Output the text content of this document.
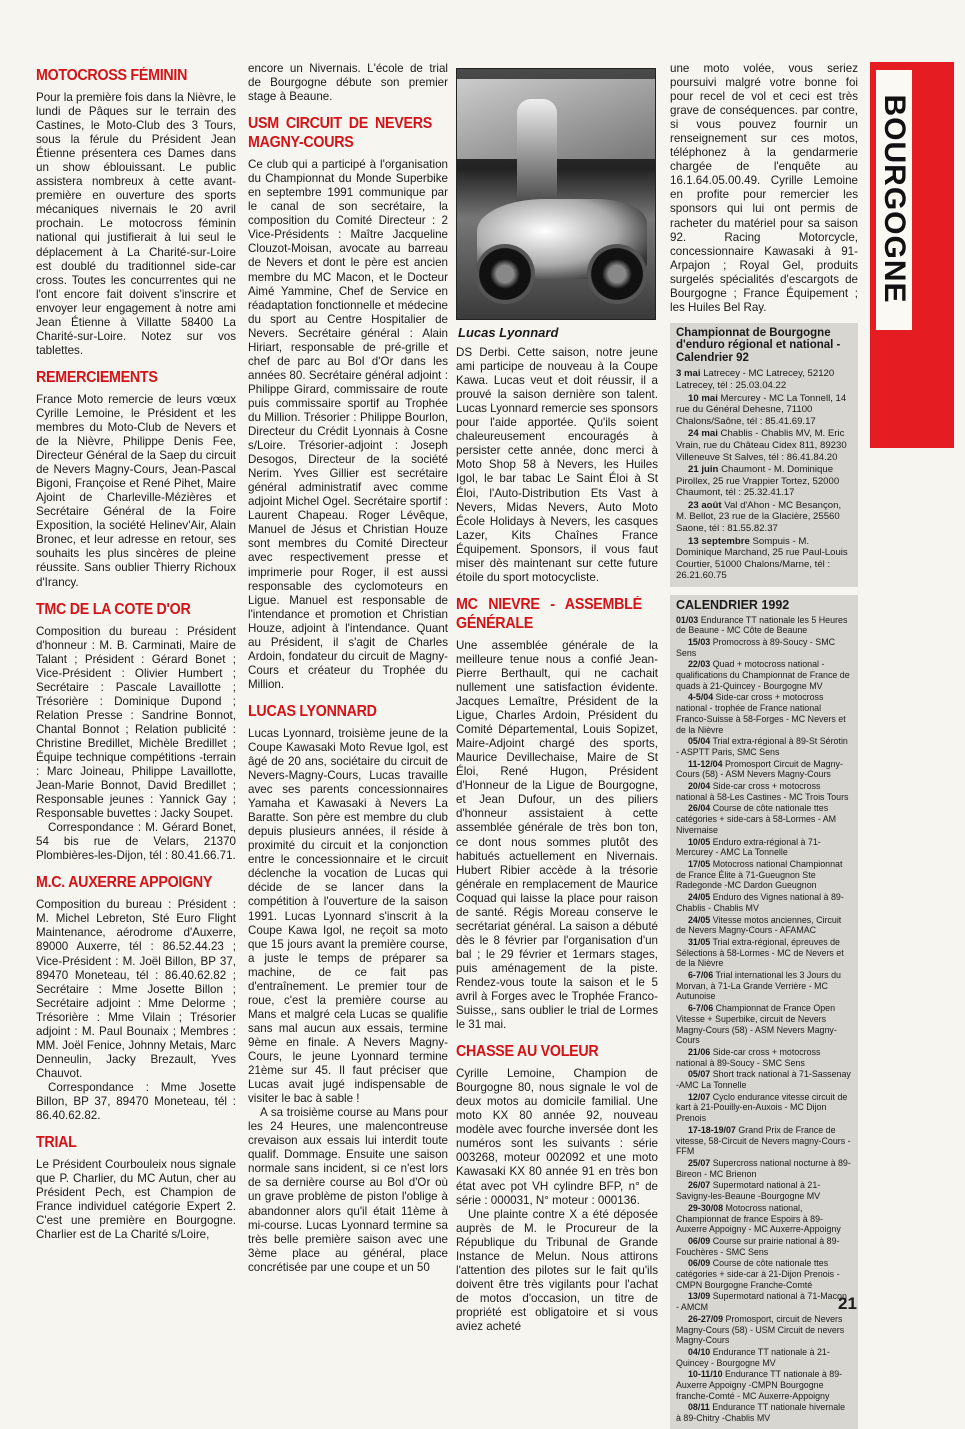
BOURGOGNE
MOTOCROSS FÉMININ

Pour la première fois dans la Nièvre, le lundi de Pâques sur le terrain des Castines, le Moto-Club des 3 Tours, sous la férule du Président Jean Étienne présentera ces Dames dans un show éblouissant. Le public assistera nombreux à cette avant-première en ouverture des sports mécaniques nivernais le 20 avril prochain. Le motocross féminin national qui justifierait à lui seul le déplacement à La Charité-sur-Loire est doublé du traditionnel side-car cross. Toutes les concurrentes qui ne l'ont encore fait doivent s'inscrire et envoyer leur engagement à notre ami Jean Étienne à Villatte 58400 La Charité-sur-Loire. Notez sur vos tablettes.

REMERCIEMENTS

France Moto remercie de leurs vœux Cyrille Lemoine, le Président et les membres du Moto-Club de Nevers et de la Nièvre, Philippe Denis Fee, Directeur Général de la Saep du circuit de Nevers Magny-Cours, Jean-Pascal Bigoni, Françoise et René Pihet, Maire Ajoint de Charleville-Mézières et Secrétaire Général de la Foire Exposition, la société Helinev'Air, Alain Bronec, et leur adresse en retour, ses souhaits les plus sincères de pleine réussite. Sans oublier Thierry Richoux d'Irancy.

TMC DE LA COTE D'OR

Composition du bureau : Président d'honneur : M. B. Carminati, Maire de Talant ; Président : Gérard Bonet ; Vice-Président : Olivier Humbert ; Secrétaire : Pascale Lavaillotte ; Trésorière : Dominique Dupond ; Relation Presse : Sandrine Bonnot, Chantal Bonnot ; Relation publicité : Christine Bredillet, Michèle Bredillet ; Équipe technique compétitions -terrain : Marc Joineau, Philippe Lavaillotte, Jean-Marie Bonnot, David Bredillet ; Responsable jeunes : Yannick Gay ; Responsable buvettes : Jacky Soupet.

Correspondance : M. Gérard Bonet, 54 bis rue de Velars, 21370 Plombières-les-Dijon, tél : 80.41.66.71.

M.C. AUXERRE APPOIGNY

Composition du bureau : Président : M. Michel Lebreton, Sté Euro Flight Maintenance, aérodrome d'Auxerre, 89000 Auxerre, tél : 86.52.44.23 ; Vice-Président : M. Joël Billon, BP 37, 89470 Moneteau, tél : 86.40.62.82 ; Secrétaire : Mme Josette Billon ; Secrétaire adjoint : Mme Delorme ; Trésorière : Mme Vilain ; Trésorier adjoint : M. Paul Bounaix ; Membres : MM. Joël Fenice, Johnny Metais, Marc Denneulin, Jacky Brezault, Yves Chauvot.

Correspondance : Mme Josette Billon, BP 37, 89470 Moneteau, tél : 86.40.62.82.

TRIAL

Le Président Courbouleix nous signale que P. Charlier, du MC Autun, cher au Président Pech, est Champion de France individuel catégorie Expert 2. C'est une première en Bourgogne. Charlier est de La Charité s/Loire,

encore un Nivernais. L'école de trial de Bourgogne débute son premier stage à Beaune.

USM CIRCUIT DE NEVERS MAGNY-COURS

Ce club qui a participé à l'organisation du Championnat du Monde Superbike en septembre 1991 communique par le canal de son secrétaire, la composition du Comité Directeur : 2 Vice-Présidents : Maître Jacqueline Clouzot-Moisan, avocate au barreau de Nevers et dont le père est ancien membre du MC Macon, et le Docteur Aimé Yammine, Chef de Service en réadaptation fonctionnelle et médecine du sport au Centre Hospitalier de Nevers. Secrétaire général : Alain Hiriart, responsable de pré-grille et chef de parc au Bol d'Or dans les années 80. Secrétaire général adjoint : Philippe Girard, commissaire de route puis commissaire sportif au Trophée du Million. Trésorier : Philippe Bourlon, Directeur du Crédit Lyonnais à Cosne s/Loire. Trésorier-adjoint : Joseph Desogos, Directeur de la société Nerim. Yves Gillier est secrétaire général administratif avec comme adjoint Michel Ogel. Secrétaire sportif : Laurent Chapeau. Roger Lévêque, Manuel de Jésus et Christian Houze sont membres du Comité Directeur avec respectivement presse et imprimerie pour Roger, il est aussi responsable des cyclomoteurs en Ligue. Manuel est responsable de l'intendance et promotion et Christian Houze, adjoint à l'intendance. Quant au Président, il s'agit de Charles Ardoin, fondateur du circuit de Magny-Cours et créateur du Trophée du Million.

LUCAS LYONNARD

Lucas Lyonnard, troisième jeune de la Coupe Kawasaki Moto Revue Igol, est âgé de 20 ans, sociétaire du circuit de Nevers-Magny-Cours, Lucas travaille avec ses parents concessionnaires Yamaha et Kawasaki à Nevers La Baratte. Son père est membre du club depuis plusieurs années, il réside à proximité du circuit et la conjonction entre le concessionnaire et le circuit déclenche la vocation de Lucas qui décide de se lancer dans la compétition à l'ouverture de la saison 1991. Lucas Lyonnard s'inscrit à la Coupe Kawa Igol, ne reçoit sa moto que 15 jours avant la première course, a juste le temps de préparer sa machine, de ce fait pas d'entraînement. Le premier tour de roue, c'est la première course au Mans et malgré cela Lucas se qualifie sans mal aucun aux essais, termine 9ème en finale. A Nevers Magny-Cours, le jeune Lyonnard termine 21ème sur 45. Il faut préciser que Lucas avait jugé indispensable de visiter le bac à sable !

A sa troisième course au Mans pour les 24 Heures, une malencontreuse crevaison aux essais lui interdit toute qualif. Dommage. Ensuite une saison normale sans incident, si ce n'est lors de sa dernière course au Bol d'Or où un grave problème de piston l'oblige à abandonner alors qu'il était 11ème à mi-course. Lucas Lyonnard termine sa très belle première saison avec une 3ème place au général, place concrétisée par une coupe et un 50

Lucas Lyonnard

DS Derbi. Cette saison, notre jeune ami participe de nouveau à la Coupe Kawa. Lucas veut et doit réussir, il a prouvé la saison dernière son talent. Lucas Lyonnard remercie ses sponsors pour l'aide apportée. Qu'ils soient chaleureusement encouragés à persister cette année, donc merci à Moto Shop 58 à Nevers, les Huiles Igol, le bar tabac Le Saint Éloi à St Éloi, l'Auto-Distribution Ets Vast à Nevers, Midas Nevers, Auto Moto École Holidays à Nevers, les casques Lazer, Kits Chaînes France Équipement. Sponsors, il vous faut miser dès maintenant sur cette future étoile du sport motocycliste.

MC NIEVRE - ASSEMBLÉ GÉNÉRALE

Une assemblée générale de la meilleure tenue nous a confié Jean-Pierre Berthault, qui ne cachait nullement une satisfaction évidente. Jacques Lemaître, Président de la Ligue, Charles Ardoin, Président du Comité Départemental, Louis Sopizet, Maire-Adjoint chargé des sports, Maurice Devillechaise, Maire de St Éloi, René Hugon, Président d'Honneur de la Ligue de Bourgogne, et Jean Dufour, un des piliers d'honneur assistaient à cette assemblée générale de très bon ton, ce dont nous sommes plutôt des habitués actuellement en Nivernais. Hubert Ribier accède à la trésorie générale en remplacement de Maurice Coquad qui laisse la place pour raison de santé. Régis Moreau conserve le secrétariat général. La saison a débuté dès le 8 février par l'organisation d'un bal ; le 29 février et 1ermars stages, puis aménagement de la piste. Rendez-vous toute la saison et le 5 avril à Forges avec le Trophée Franco-Suisse,, sans oublier le trial de Lormes le 31 mai.

CHASSE AU VOLEUR

Cyrille Lemoine, Champion de Bourgogne 80, nous signale le vol de deux motos au domicile familial. Une moto KX 80 année 92, nouveau modèle avec fourche inversée dont les numéros sont les suivants : série 003268, moteur 002092 et une moto Kawasaki KX 80 année 91 en très bon état avec pot VH cylindre BFP, n° de série : 000031, N° moteur : 000136.

Une plainte contre X a été déposée auprès de M. le Procureur de la République du Tribunal de Grande Instance de Melun. Nous attirons l'attention des pilotes sur le fait qu'ils doivent être très vigilants pour l'achat de motos d'occasion, un titre de propriété est obligatoire et si vous aviez acheté

une moto volée, vous seriez poursuivi malgré votre bonne foi pour recel de vol et ceci est très grave de conséquences. par contre, si vous pouvez fournir un renseignement sur ces motos, téléphonez à la gendarmerie chargée de l'enquête au 16.1.64.05.00.49. Cyrille Lemoine en profite pour remercier les sponsors qui lui ont permis de racheter du matériel pour sa saison 92. Racing Motorcycle, concessionnaire Kawasaki à 91-Arpajon ; Royal Gel, produits surgelés spécialités d'escargots de Bourgogne ; France Équipement ; les Huiles Bel Ray.

Championnat de Bourgogne d'enduro régional et national -Calendrier 92

3 mai Latrecey - MC Latrecey, 52120 Latrecey, tél : 25.03.04.22

10 mai Mercurey - MC La Tonnell, 14 rue du Général Dehesne, 71100 Chalons/Saône, tél : 85.41.69.17

24 mai Chablis - Chablis MV, M. Eric Vrain, rue du Château Cidex 811, 89230 Villeneuve St Salves, tél : 86.41.84.20

21 juin Chaumont - M. Dominique Pirollex, 25 rue Vrappier Tortez, 52000 Chaumont, tél : 25.32.41.17

23 août Val d'Ahon - MC Besançon, M. Bellot, 23 rue de la Glacière, 25560 Saone, tél : 81.55.82.37

13 septembre Sompuis - M. Dominique Marchand, 25 rue Paul-Louis Courtier, 51000 Chalons/Marne, tél : 26.21.60.75

CALENDRIER 1992

01/03 Endurance TT nationale les 5 Heures de Beaune - MC Côte de Beaune

15/03 Promocross à 89-Soucy - SMC Sens

22/03 Quad + motocross national - qualifications du Championnat de France de quads à 21-Quincey - Bourgogne MV

4-5/04 Side-car cross + motocross national - trophée de France national Franco-Suisse à 58-Forges - MC Nevers et de la Nièvre

05/04 Trial extra-régional à 89-St Sérotin - ASPTT Paris, SMC Sens

11-12/04 Promosport Circuit de Magny-Cours (58) - ASM Nevers Magny-Cours

20/04 Side-car cross + motocross national à 58-Les Castines - MC Trois Tours

26/04 Course de côte nationale ttes catégories + side-cars à 58-Lormes - AM Nivernaise

10/05 Enduro extra-régional à 71-Mercurey - AMC La Tonnelle

17/05 Motocross national Championnat de France Élite à 71-Gueugnon Ste Radegonde -MC Dardon Gueugnon

24/05 Enduro des Vignes national à 89-Chablis - Chablis MV

24/05 Vitesse motos anciennes, Circuit de Nevers Magny-Cours - AFAMAC

31/05 Trial extra-régional, épreuves de Sélections à 58-Lormes - MC de Nevers et de la Nièvre

6-7/06 Trial international les 3 Jours du Morvan, à 71-La Grande Verrière - MC Autunoise

6-7/06 Championnat de France Open Vitesse + Superbike, circuit de Nevers Magny-Cours (58) - ASM Nevers Magny-Cours

21/06 Side-car cross + motocross national à 89-Soucy - SMC Sens

05/07 Short track national à 71-Sassenay -AMC La Tonnelle

12/07 Cyclo endurance vitesse circuit de kart à 21-Pouilly-en-Auxois - MC Dijon Prenois

17-18-19/07 Grand Prix de France de vitesse, 58-Circuit de Nevers magny-Cours - FFM

25/07 Supercross national nocturne à 89-Bireon - MC Brienon

26/07 Supermotard national à 21-Savigny-les-Beaune -Bourgogne MV

29-30/08 Motocross national, Championnat de france Espoirs à 89-Auxerre Appoigny - MC Auxerre-Appoigny

06/09 Course sur prairie national à 89-Fouchères - SMC Sens

06/09 Course de côte nationale ttes catégories + side-car à 21-Dijon Prenois - CMPN Bourgogne Franche-Comté

13/09 Supermotard national à 71-Macon - AMCM

26-27/09 Promosport, circuit de Nevers Magny-Cours (58) - USM Circuit de nevers Magny-Cours

04/10 Endurance TT nationale à 21-Quincey - Bourgogne MV

10-11/10 Endurance TT nationale à 89-Auxerre Appoigny -CMPN Bourgogne franche-Comté - MC Auxerre-Appoigny

08/11 Endurance TT nationale hivernale à 89-Chitry -Chablis MV

21
